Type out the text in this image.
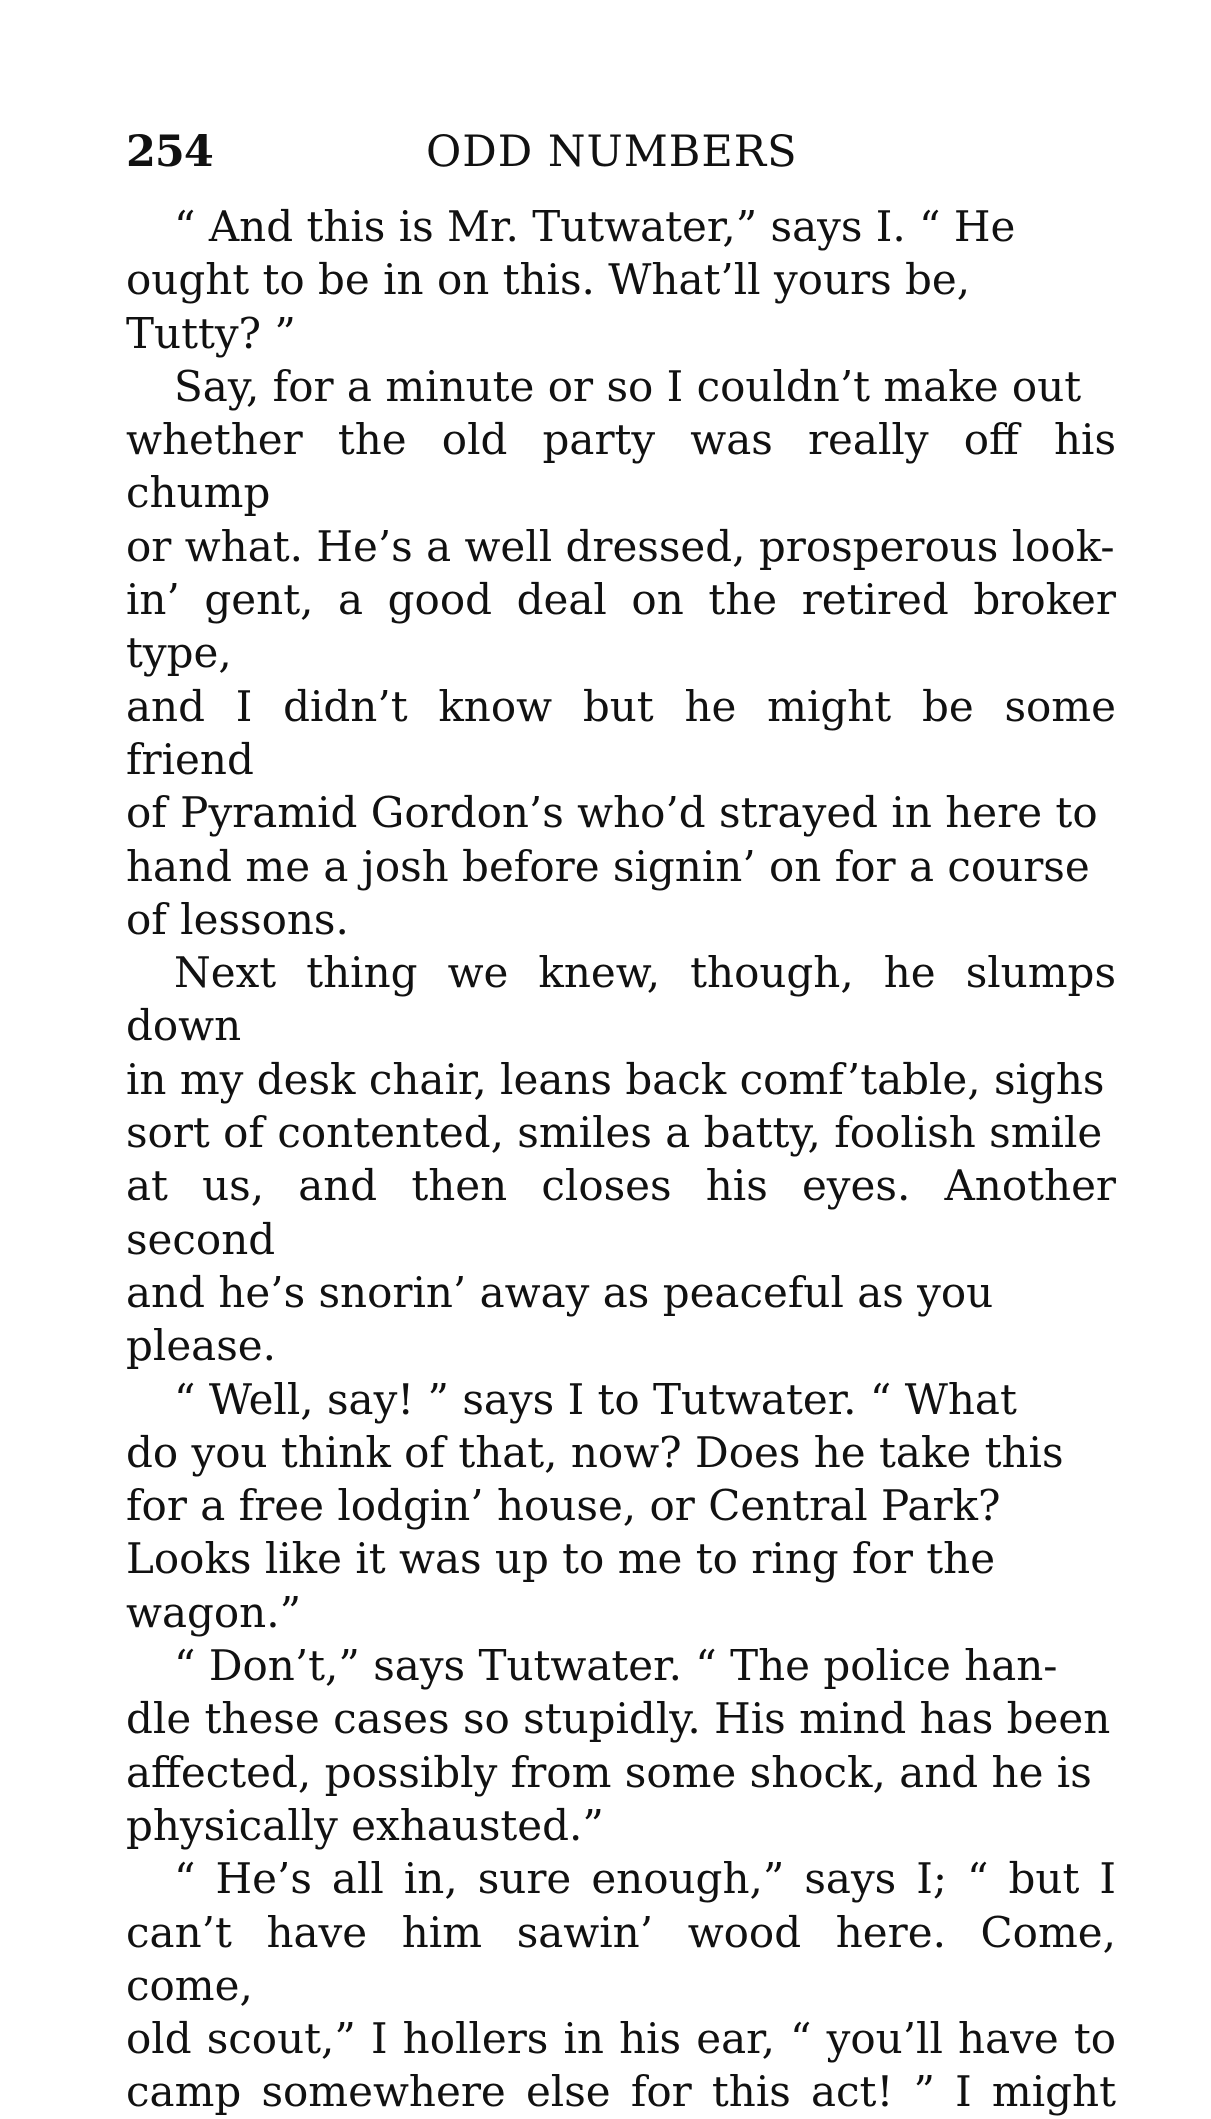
254	ODD NUMBERS

“ And this is Mr. Tutwater,” says I. “ He
ought to be in on this. What’ll yours be,
Tutty? ”

Say, for a minute or so I couldn’t make out
whether the old party was really off his chump
or what. He’s a well dressed, prosperous look-
in’ gent, a good deal on the retired broker type,
and I didn’t know but he might be some friend
of Pyramid Gordon’s who’d strayed in here to
hand me a josh before signin’ on for a course
of lessons.

Next thing we knew, though, he slumps down
in my desk chair, leans back comf’table, sighs
sort of contented, smiles a batty, foolish smile
at us, and then closes his eyes. Another second
and he’s snorin’ away as peaceful as you
please.

“ Well, say! ” says I to Tutwater. “ What
do you think of that, now? Does he take this
for a free lodgin’ house, or Central Park?
Looks like it was up to me to ring for the
wagon.”

“ Don’t,” says Tutwater. “ The police han-
dle these cases so stupidly. His mind has been
affected, possibly from some shock, and he is
physically exhausted.”

“ He’s all in, sure enough,” says I; “ but I
can’t have him sawin’ wood here. Come, come,
old scout,” I hollers in his ear, “ you’ll have to
camp somewhere else for this act! ” I might
